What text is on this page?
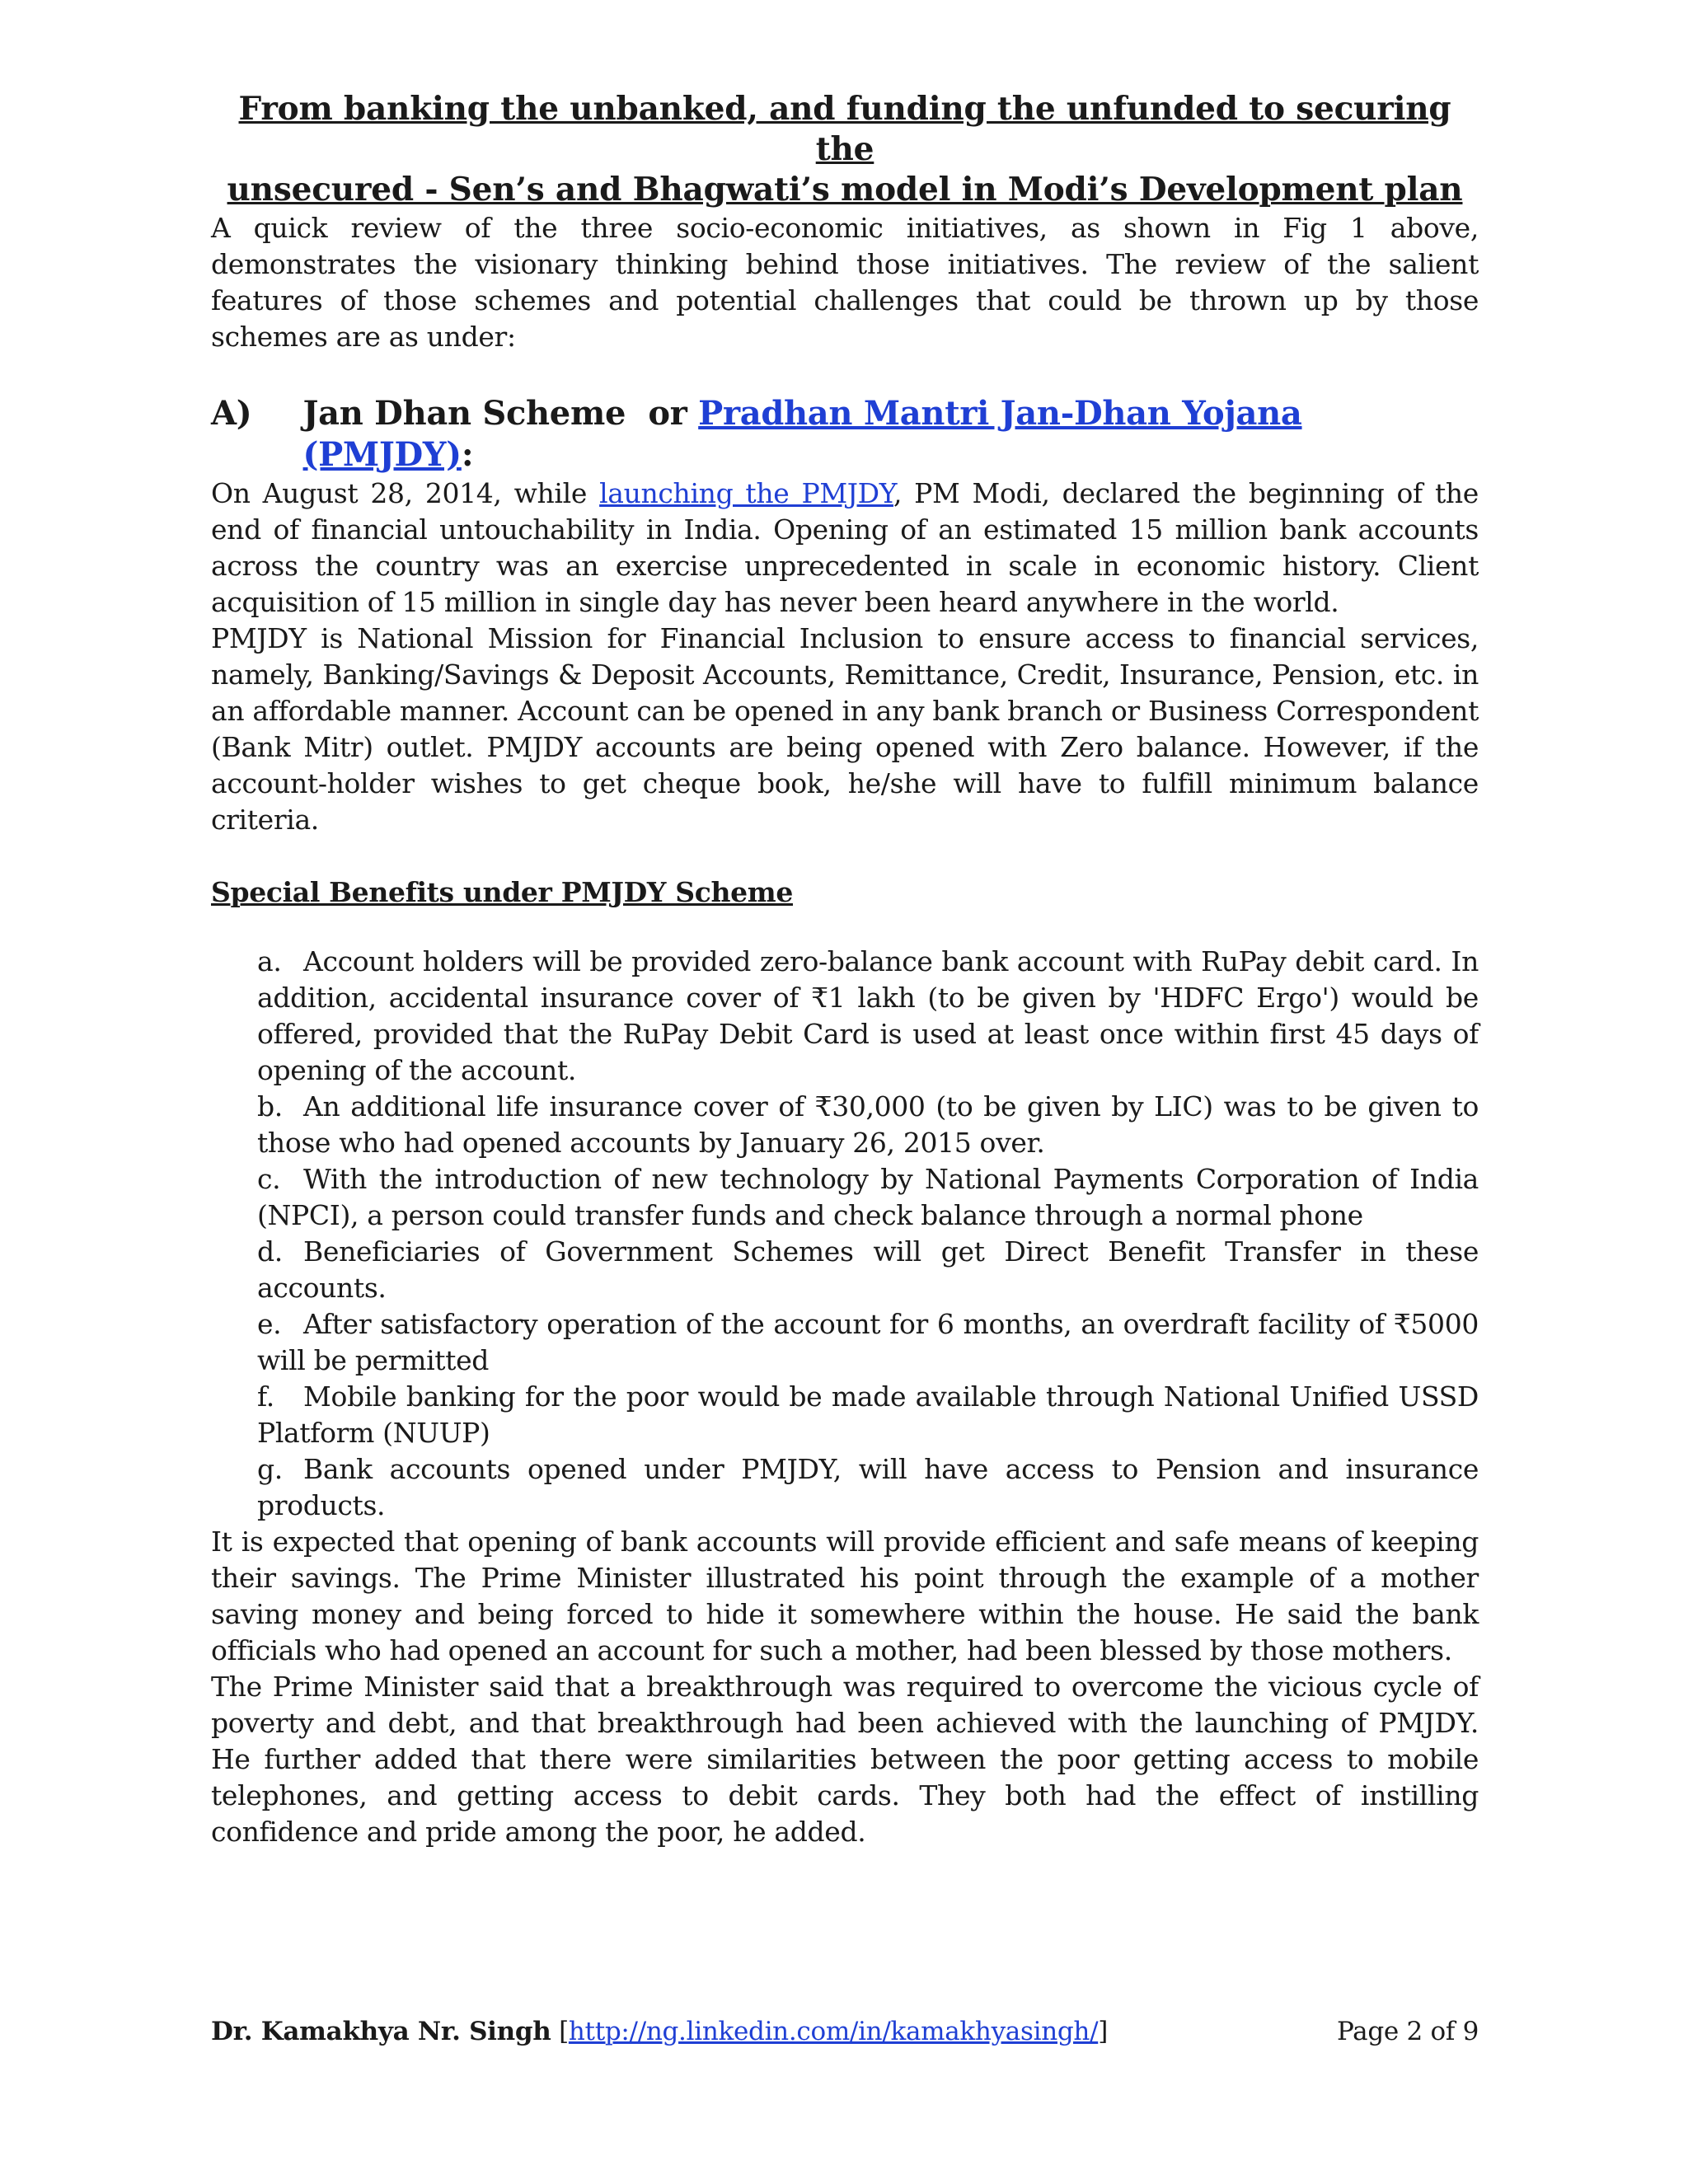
From banking the unbanked, and funding the unfunded to securing the
unsecured - Sen’s and Bhagwati’s model in Modi’s Development plan

A quick review of the three socio-economic initiatives, as shown in Fig 1 above, demonstrates the visionary thinking behind those initiatives. The review of the salient features of those schemes and potential challenges that could be thrown up by those schemes are as under:

A)	Jan Dhan Scheme  or Pradhan Mantri Jan-Dhan Yojana (PMJDY):

On August 28, 2014, while launching the PMJDY, PM Modi, declared the beginning of the end of financial untouchability in India. Opening of an estimated 15 million bank accounts across the country was an exercise unprecedented in scale in economic history. Client acquisition of 15 million in single day has never been heard anywhere in the world.

PMJDY is National Mission for Financial Inclusion to ensure access to financial services, namely, Banking/Savings & Deposit Accounts, Remittance, Credit, Insurance, Pension, etc. in an affordable manner. Account can be opened in any bank branch or Business Correspondent (Bank Mitr) outlet. PMJDY accounts are being opened with Zero balance. However, if the account-holder wishes to get cheque book, he/she will have to fulfill minimum balance criteria.

Special Benefits under PMJDY Scheme
a. Account holders will be provided zero-balance bank account with RuPay debit card. In addition, accidental insurance cover of ₹1 lakh (to be given by 'HDFC Ergo') would be offered, provided that the RuPay Debit Card is used at least once within first 45 days of opening of the account.
b. An additional life insurance cover of ₹30,000 (to be given by LIC) was to be given to those who had opened accounts by January 26, 2015 over.
c. With the introduction of new technology by National Payments Corporation of India (NPCI), a person could transfer funds and check balance through a normal phone
d. Beneficiaries of Government Schemes will get Direct Benefit Transfer in these accounts.
e. After satisfactory operation of the account for 6 months, an overdraft facility of ₹5000 will be permitted
f. Mobile banking for the poor would be made available through National Unified USSD Platform (NUUP)
g. Bank accounts opened under PMJDY, will have access to Pension and insurance products.

It is expected that opening of bank accounts will provide efficient and safe means of keeping their savings. The Prime Minister illustrated his point through the example of a mother saving money and being forced to hide it somewhere within the house. He said the bank officials who had opened an account for such a mother, had been blessed by those mothers.

The Prime Minister said that a breakthrough was required to overcome the vicious cycle of poverty and debt, and that breakthrough had been achieved with the launching of PMJDY. He further added that there were similarities between the poor getting access to mobile telephones, and getting access to debit cards. They both had the effect of instilling confidence and pride among the poor, he added.

Dr. Kamakhya Nr. Singh [http://ng.linkedin.com/in/kamakhyasingh/]	Page 2 of 9
